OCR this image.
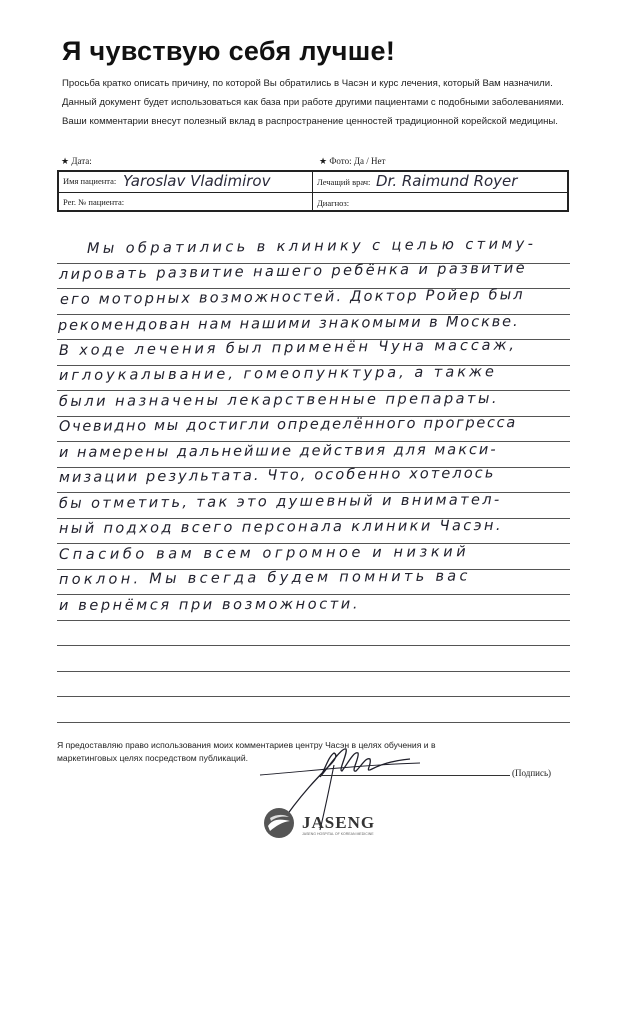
Я чувствую себя лучше!
Просьба кратко описать причину, по которой Вы обратились в Часэн и курс лечения, который Вам назначили.
Данный документ будет использоваться как база при работе другими пациентами с подобными заболеваниями.
Ваши комментарии внесут полезный вклад в распространение ценностей традиционной корейской медицины.
★ Дата:	★ Фото: Да / Нет
Имя пациента: Yaroslav Vladimirov	Лечащий врач: Dr. Raimund Royer
Рег. № пациента:	Диагноз:
Мы обратились в клинику с целью стиму-
лировать развитие нашего ребёнка и развитие
его моторных возможностей. Доктор Ройер был
рекомендован нам нашими знакомыми в Москве.
В ходе лечения был применён Чуна массаж,
иглоукалывание, гомеопунктура, а также
были назначены лекарственные препараты.
Очевидно мы достигли определённого прогресса
и намерены дальнейшие действия для макси-
мизации результата. Что, особенно хотелось
бы отметить, так это душевный и внимател-
ный подход всего персонала клиники Часэн.
Спасибо вам всем огромное и низкий
поклон. Мы всегда будем помнить вас
и вернёмся при возможности.
Я предоставляю право использования моих комментариев центру Часэн в целях обучения и в
маркетинговых целях посредством публикаций.
(Подпись)
JASENG
JASENG HOSPITAL OF KOREAN MEDICINE
